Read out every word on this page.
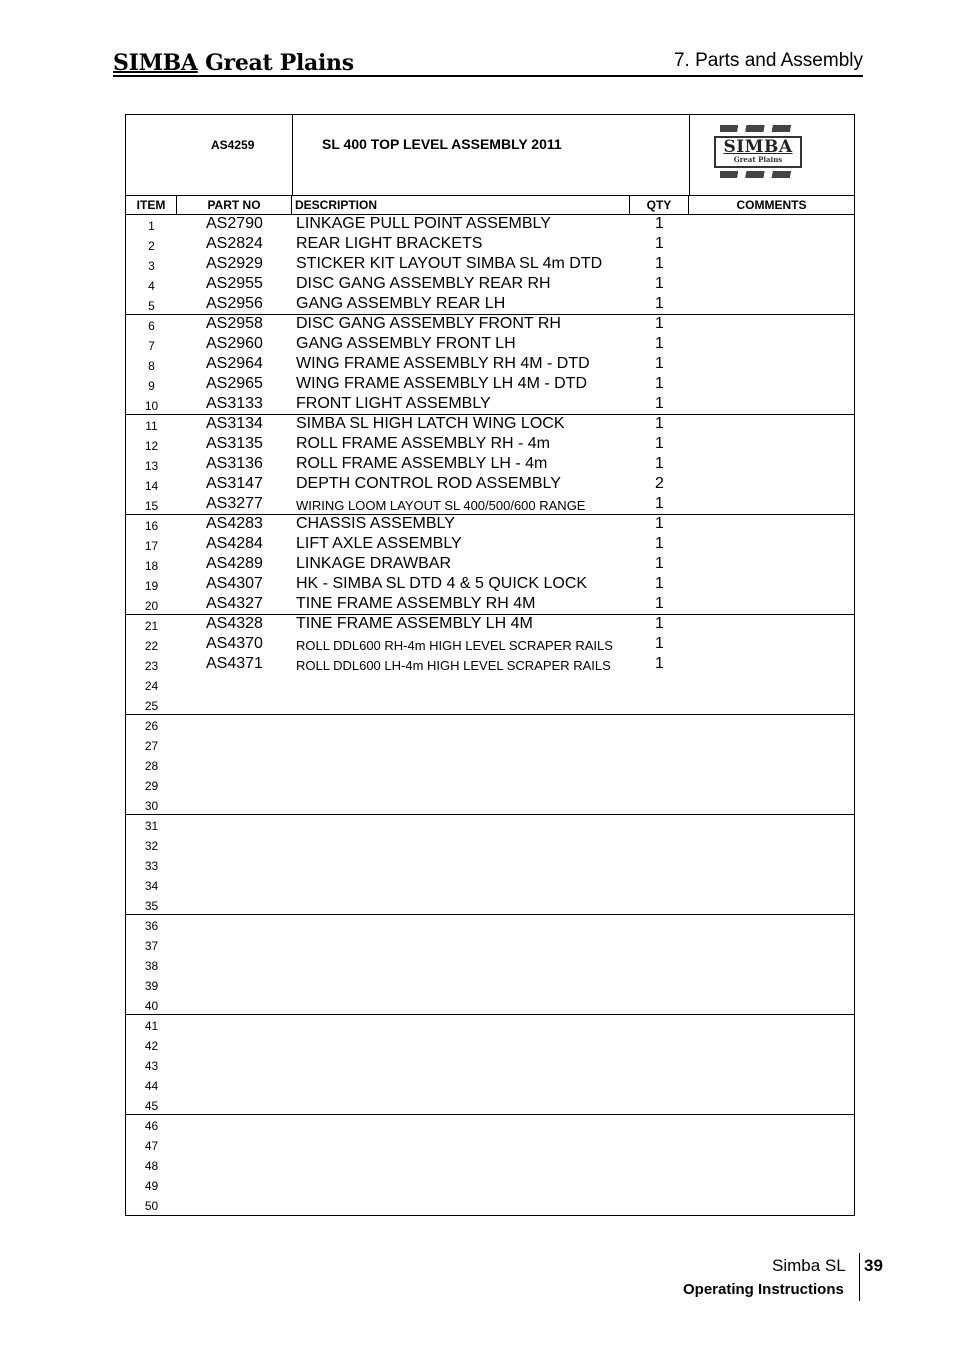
SIMBA Great Plains	7. Parts and Assembly
AS4259	SL 400 TOP LEVEL ASSEMBLY 2011	SIMBA
Great Plains
ITEM	PART NO	DESCRIPTION	QTY	COMMENTS
1	AS2790 LINKAGE PULL POINT ASSEMBLY	1
2	AS2824 REAR LIGHT BRACKETS	1
3	AS2929 STICKER KIT LAYOUT SIMBA SL 4m DTD	1
4	AS2955 DISC GANG ASSEMBLY REAR RH	1
5	AS2956 GANG ASSEMBLY REAR LH	1
6	AS2958 DISC GANG ASSEMBLY FRONT RH	1
7	AS2960 GANG ASSEMBLY FRONT LH	1
8	AS2964 WING FRAME ASSEMBLY RH 4M - DTD	1
9	AS2965 WING FRAME ASSEMBLY LH 4M - DTD	1
10	AS3133 FRONT LIGHT ASSEMBLY	1
11	AS3134 SIMBA SL HIGH LATCH WING LOCK	1
12	AS3135 ROLL FRAME ASSEMBLY RH - 4m	1
13	AS3136 ROLL FRAME ASSEMBLY LH - 4m	1
14	AS3147 DEPTH CONTROL ROD ASSEMBLY	2
15	AS3277	WIRING LOOM LAYOUT SL 400/500/600 RANGE	1
16	AS4283 CHASSIS ASSEMBLY	1
17	AS4284 LIFT AXLE ASSEMBLY	1
18	AS4289 LINKAGE DRAWBAR	1
19	AS4307 HK - SIMBA SL DTD 4 & 5 QUICK LOCK	1
20	AS4327 TINE FRAME ASSEMBLY RH 4M	1
21	AS4328 TINE FRAME ASSEMBLY LH 4M	1
22	AS4370	ROLL DDL600 RH-4m HIGH LEVEL SCRAPER RAILS	1
23	AS4371	ROLL DDL600 LH-4m HIGH LEVEL SCRAPER RAILS	1
24
25
26
27
28
29
30
31
32
33
34
35
36
37
38
39
40
41
42
43
44
45
46
47
48
49
50
Simba SL 39
Operating Instructions
